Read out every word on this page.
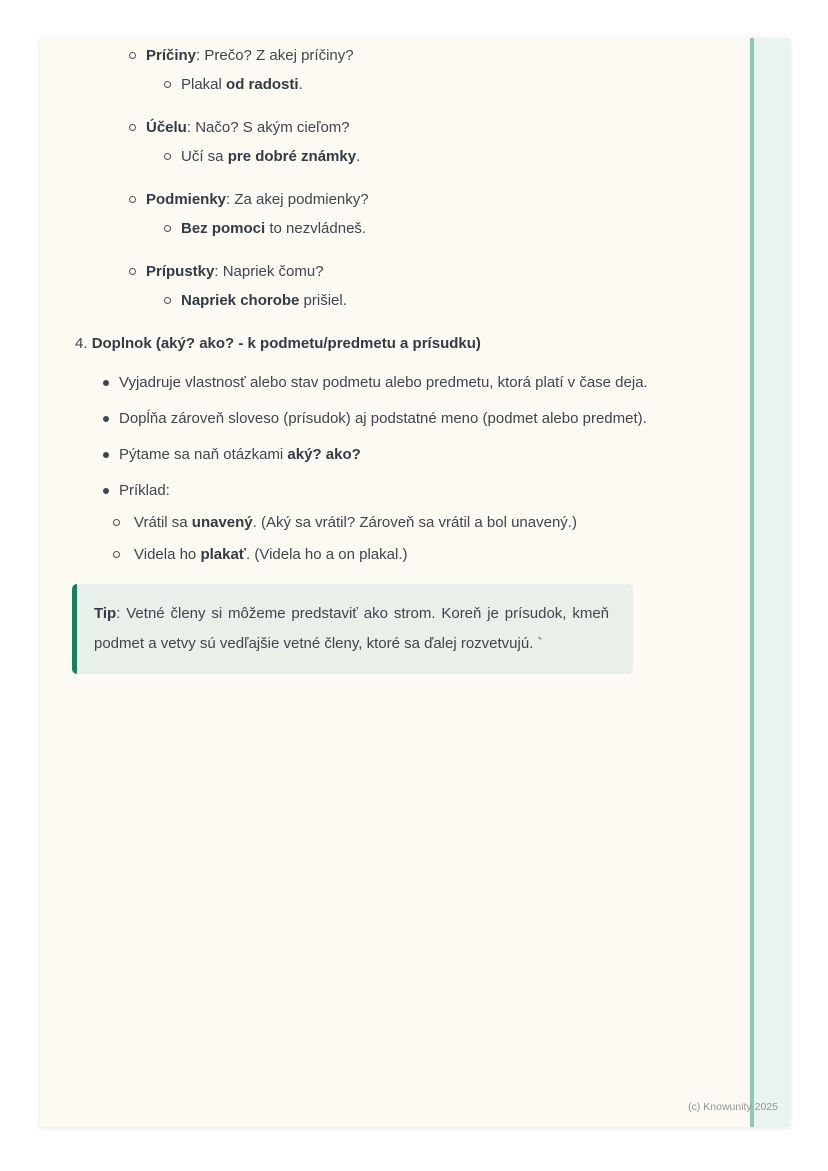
Príčiny: Prečo? Z akej príčiny?
Plakal od radosti.
Účelu: Načo? S akým cieľom?
Učí sa pre dobré známky.
Podmienky: Za akej podmienky?
Bez pomoci to nezvládneš.
Prípustky: Napriek čomu?
Napriek chorobe prišiel.
4. Doplnok (aký? ako? - k podmetu/predmetu a prísudku)
Vyjadruje vlastnosť alebo stav podmetu alebo predmetu, ktorá platí v čase deja.
Dopĺňa zároveň sloveso (prísudok) aj podstatné meno (podmet alebo predmet).
Pýtame sa naň otázkami aký? ako?
Príklad:
Vrátil sa unavený. (Aký sa vrátil? Zároveň sa vrátil a bol unavený.)
Videla ho plakať. (Videla ho a on plakal.)
Tip: Vetné členy si môžeme predstaviť ako strom. Koreň je prísudok, kmeň podmet a vetvy sú vedľajšie vetné členy, ktoré sa ďalej rozvetvujú. `
(c) Knowunity 2025
